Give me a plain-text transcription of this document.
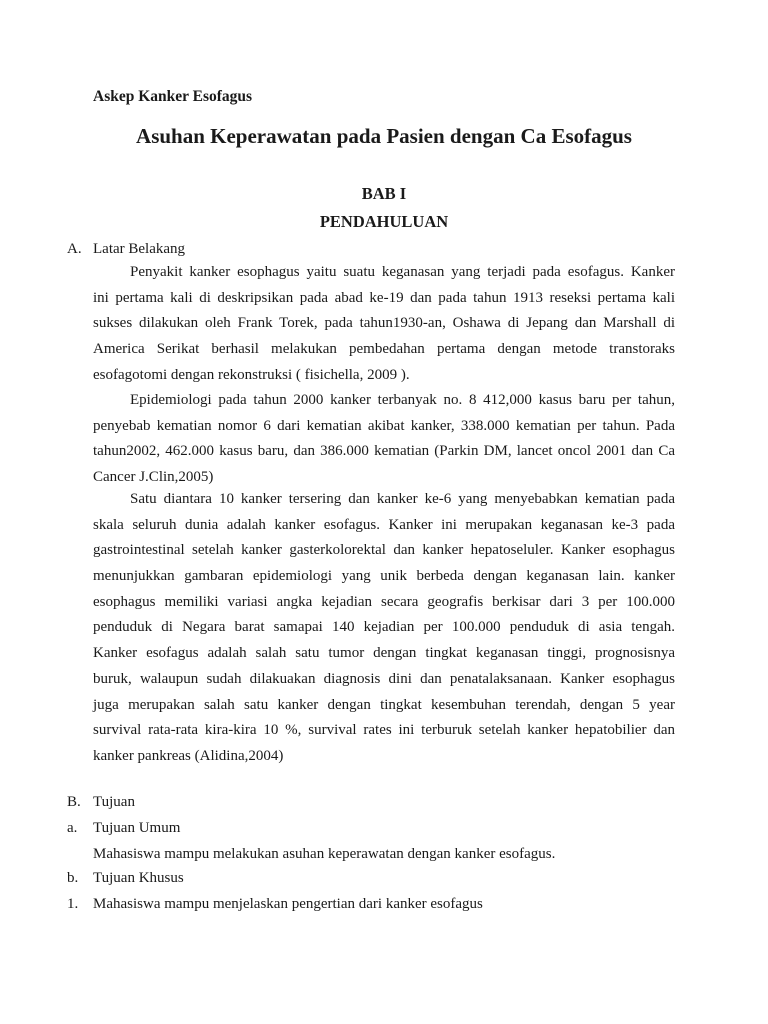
Askep Kanker Esofagus
Asuhan Keperawatan pada Pasien dengan Ca Esofagus
BAB I
PENDAHULUAN
A. Latar Belakang
Penyakit kanker esophagus yaitu suatu keganasan yang terjadi pada esofagus. Kanker
ini pertama kali di deskripsikan pada abad ke-19 dan pada tahun 1913 reseksi pertama kali
sukses dilakukan oleh Frank Torek, pada tahun1930-an, Oshawa di Jepang dan Marshall di
America Serikat berhasil melakukan pembedahan pertama dengan metode transtoraks
esofagotomi dengan rekonstruksi ( fisichella, 2009 ).
Epidemiologi pada tahun 2000 kanker terbanyak no. 8 412,000 kasus baru per tahun,
penyebab kematian nomor 6 dari kematian akibat kanker, 338.000 kematian per tahun. Pada
tahun2002, 462.000 kasus baru, dan 386.000 kematian (Parkin DM, lancet oncol 2001 dan Ca
Cancer J.Clin,2005)
Satu diantara 10 kanker tersering dan kanker ke-6 yang menyebabkan kematian pada
skala seluruh dunia adalah kanker esofagus. Kanker ini merupakan keganasan ke-3 pada
gastrointestinal setelah kanker gasterkolorektal dan kanker hepatoseluler. Kanker esophagus
menunjukkan gambaran epidemiologi yang unik berbeda dengan keganasan lain. kanker
esophagus memiliki variasi angka kejadian secara geografis berkisar dari 3 per 100.000
penduduk di Negara barat samapai 140 kejadian per 100.000 penduduk di asia tengah.
Kanker esofagus adalah salah satu tumor dengan tingkat keganasan tinggi, prognosisnya
buruk, walaupun sudah dilakuakan diagnosis dini dan penatalaksanaan. Kanker esophagus
juga merupakan salah satu kanker dengan tingkat kesembuhan terendah, dengan 5 year
survival rata-rata kira-kira 10 %, survival rates ini terburuk setelah kanker hepatobilier dan
kanker pankreas (Alidina,2004)
B. Tujuan
a. Tujuan Umum
Mahasiswa mampu melakukan asuhan keperawatan dengan kanker esofagus.
b. Tujuan Khusus
1. Mahasiswa mampu menjelaskan pengertian dari kanker esofagus
